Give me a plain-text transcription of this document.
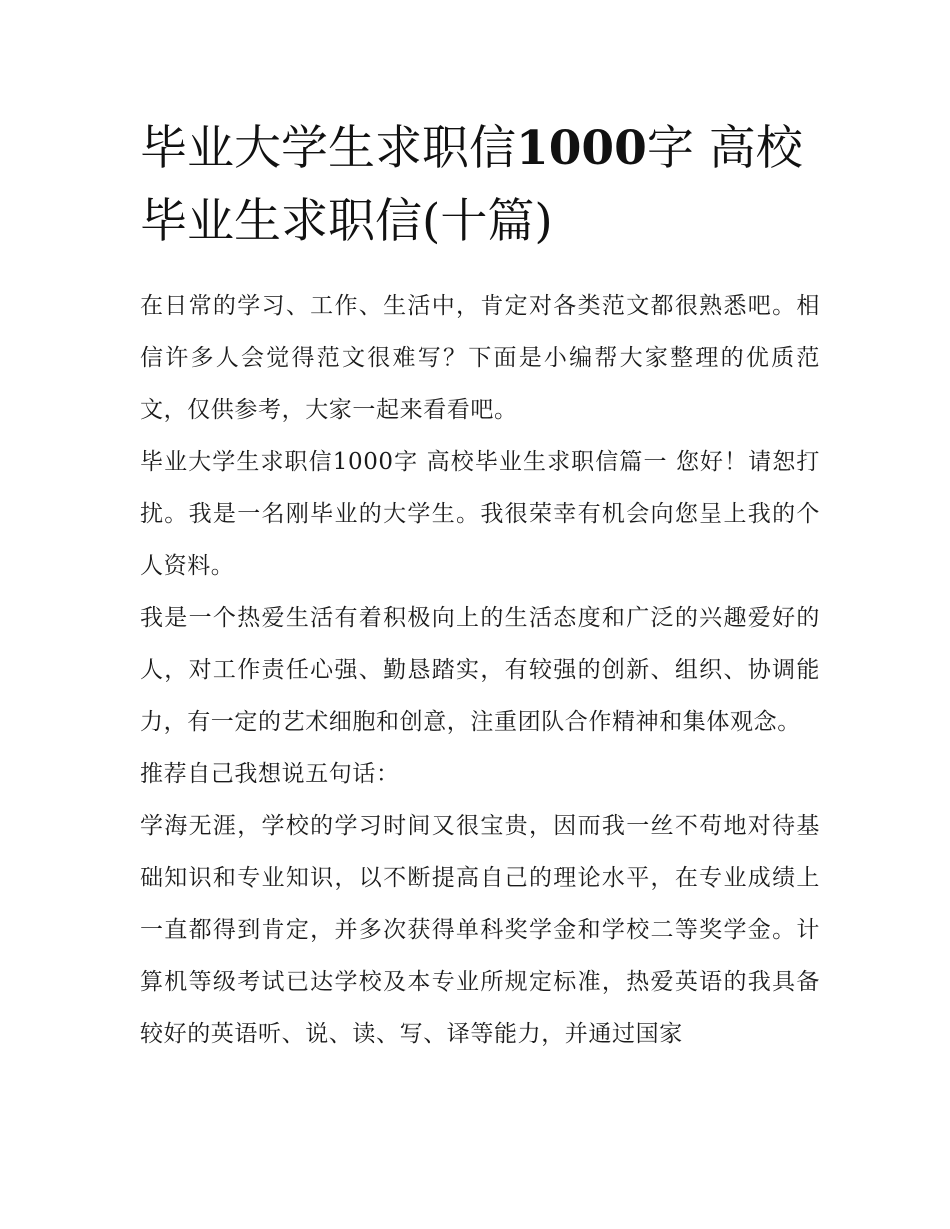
毕业大学生求职信1000字 高校毕业生求职信(十篇)

在日常的学习、工作、生活中，肯定对各类范文都很熟悉吧。相信许多人会觉得范文很难写？下面是小编帮大家整理的优质范文，仅供参考，大家一起来看看吧。

毕业大学生求职信1000字 高校毕业生求职信篇一 您好！请恕打扰。我是一名刚毕业的大学生。我很荣幸有机会向您呈上我的个人资料。

我是一个热爱生活有着积极向上的生活态度和广泛的兴趣爱好的人，对工作责任心强、勤恳踏实，有较强的创新、组织、协调能力，有一定的艺术细胞和创意，注重团队合作精神和集体观念。

推荐自己我想说五句话：

学海无涯，学校的学习时间又很宝贵，因而我一丝不苟地对待基础知识和专业知识，以不断提高自己的理论水平，在专业成绩上一直都得到肯定，并多次获得单科奖学金和学校二等奖学金。计算机等级考试已达学校及本专业所规定标准，热爱英语的我具备较好的英语听、说、读、写、译等能力，并通过国家
